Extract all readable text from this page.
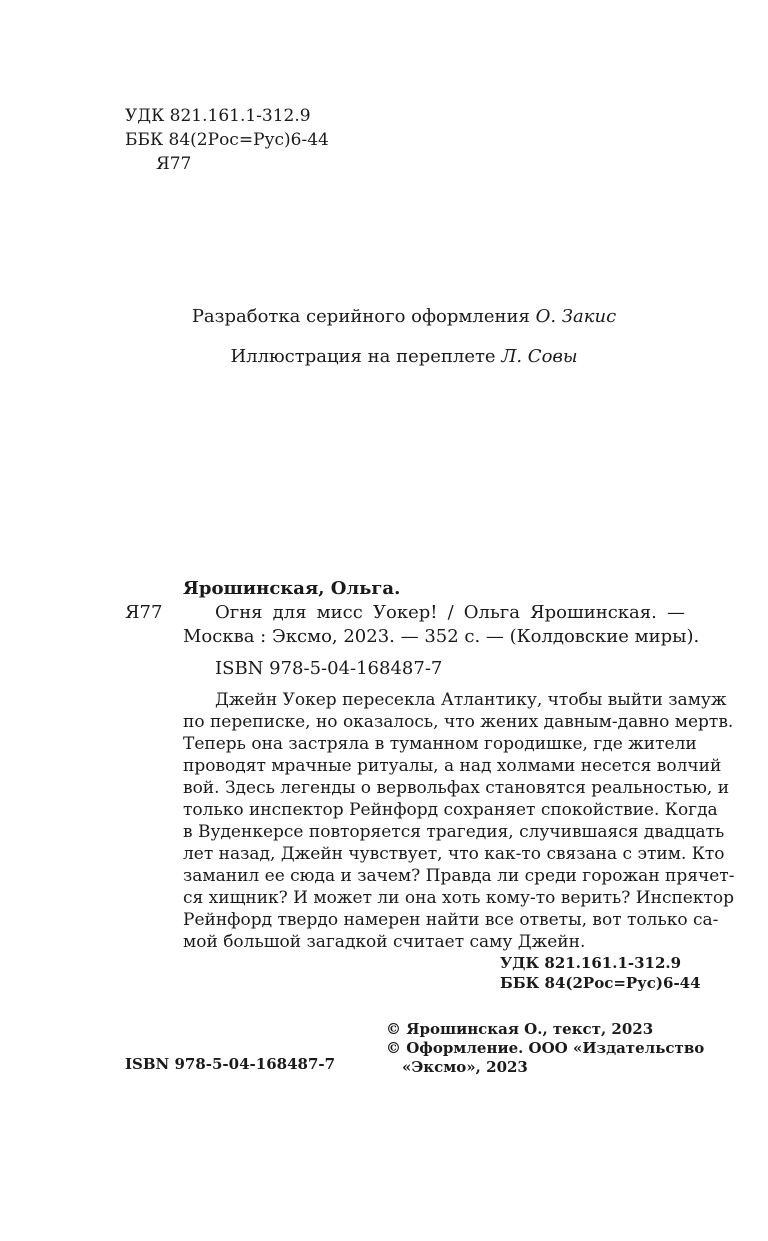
УДК 821.161.1-312.9
ББК 84(2Рос=Рус)6-44
Я77
Разработка серийного оформления О. Закис
Иллюстрация на переплете Л. Совы
Ярошинская, Ольга.
Я77	Огня для мисс Уокер! / Ольга Ярошинская. —
Москва : Эксмо, 2023. — 352 с. — (Колдовские миры).
ISBN 978-5-04-168487-7
Джейн Уокер пересекла Атлантику, чтобы выйти замуж
по переписке, но оказалось, что жених давным-давно мертв.
Теперь она застряла в туманном городишке, где жители
проводят мрачные ритуалы, а над холмами несется волчий
вой. Здесь легенды о вервольфах становятся реальностью, и
только инспектор Рейнфорд сохраняет спокойствие. Когда
в Вуденкерсе повторяется трагедия, случившаяся двадцать
лет назад, Джейн чувствует, что как-то связана с этим. Кто
заманил ее сюда и зачем? Правда ли среди горожан прячет-
ся хищник? И может ли она хоть кому-то верить? Инспектор
Рейнфорд твердо намерен найти все ответы, вот только са-
мой большой загадкой считает саму Джейн.
УДК 821.161.1-312.9
ББК 84(2Рос=Рус)6-44
© Ярошинская О., текст, 2023
© Оформление. ООО «Издательство
«Эксмо», 2023
ISBN 978-5-04-168487-7
